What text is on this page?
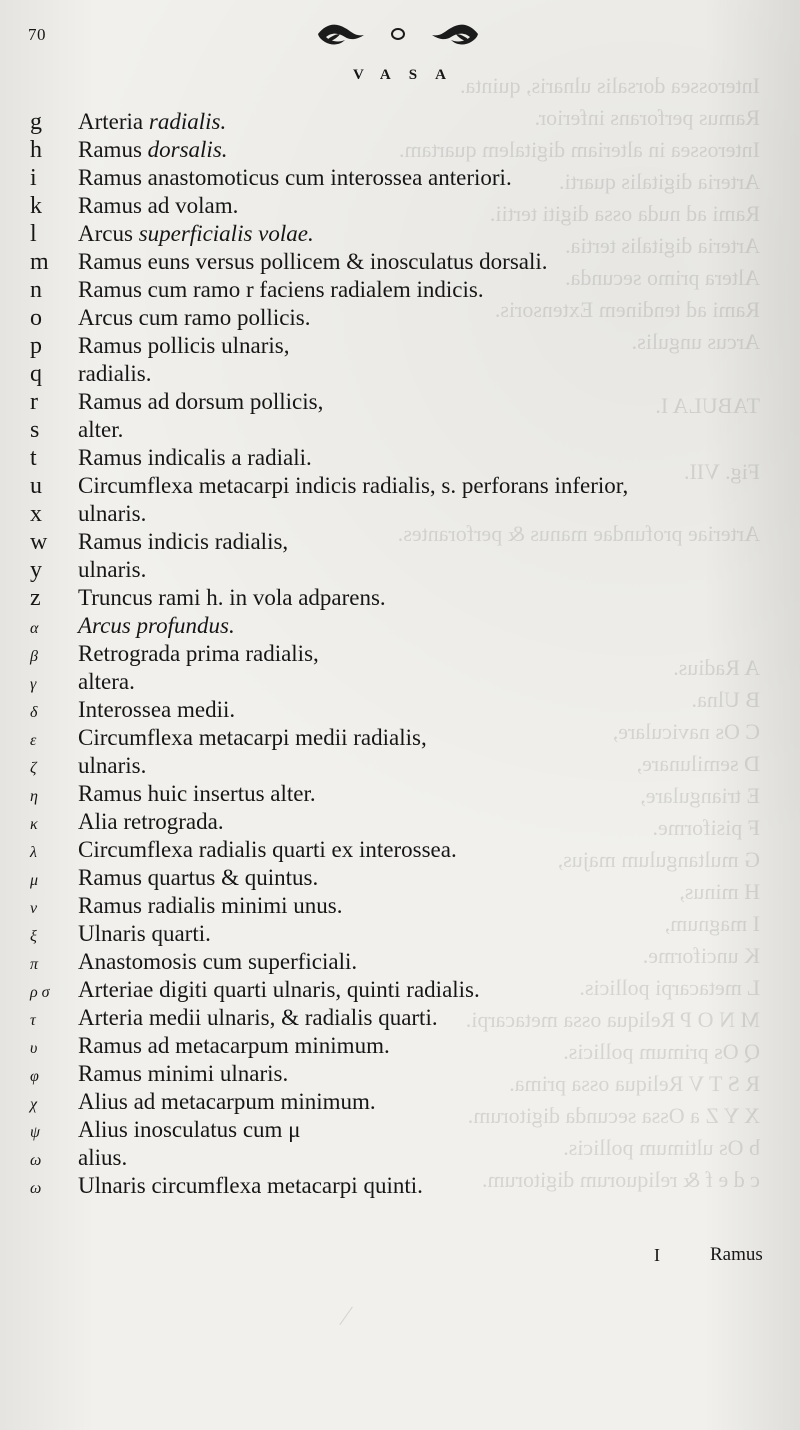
Interossea dorsalis ulnaris, quinta.
Ramus perforans inferior.
Interossea in alteriam digitalem quartam.
Arteria digitalis quarti.
Rami ad nuda ossa digiti tertii.
Arteria digitalis tertia.
Altera primo secunda.
Rami ad tendinem Extensoris.
Arcus ungulis.
TABULA I.
Fig. VII.
Arteriae profundae manus & perforantes.
A Radius.
B Ulna.
C Os naviculare,
D semilunare,
E triangulare,
F pisiforme.
G multangulum majus,
H minus,
I magnum,
K unciforme.
L metacarpi pollicis.
M N O P Reliqua ossa metacarpi.
Q Os primum pollicis.
R S T V Reliqua ossa prima.
X Y Z a Ossa secunda digitorum.
b Os ultimum pollicis.
c d e f & reliquorum digitorum.
70
VASA
g	Arteria radialis.
h	Ramus dorsalis.
i	Ramus anastomoticus cum interossea anteriori.
k	Ramus ad volam.
l	Arcus superficialis volae.
m	Ramus euns versus pollicem & inosculatus dorsali.
n	Ramus cum ramo r faciens radialem indicis.
o	Arcus cum ramo pollicis.
p	Ramus pollicis ulnaris,
q	radialis.
r	Ramus ad dorsum pollicis,
s	alter.
t	Ramus indicalis a radiali.
u	Circumflexa metacarpi indicis radialis, s. perforans inferior,
x	ulnaris.
w	Ramus indicis radialis,
y	ulnaris.
z	Truncus rami h. in vola adparens.
α	Arcus profundus.
β	Retrograda prima radialis,
γ	altera.
δ	Interossea medii.
ε	Circumflexa metacarpi medii radialis,
ζ	ulnaris.
η	Ramus huic insertus alter.
κ	Alia retrograda.
λ	Circumflexa radialis quarti ex interossea.
μ	Ramus quartus & quintus.
ν	Ramus radialis minimi unus.
ξ	Ulnaris quarti.
π	Anastomosis cum superficiali.
ρ σ	Arteriae digiti quarti ulnaris, quinti radialis.
τ	Arteria medii ulnaris, & radialis quarti.
υ	Ramus ad metacarpum minimum.
φ	Ramus minimi ulnaris.
χ	Alius ad metacarpum minimum.
ψ	Alius inosculatus cum μ
ω	alius.
ω	Ulnaris circumflexa metacarpi quinti.
I	Ramus
